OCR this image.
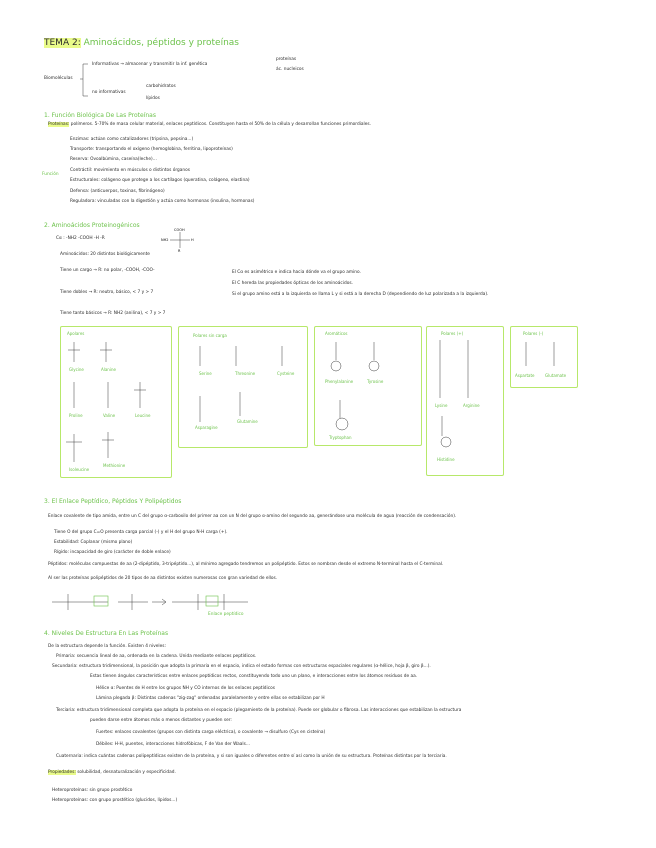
TEMA 2: Aminoácidos, péptidos y proteínas
Biomoléculas
Informativas → almacenar y transmitir la inf. genética
proteínas
ác. nucleicos
no informativas
carbohidratos
lípidos
1. Función Biológica De Las Proteínas
Proteínas: polímeros. 5-70% de masa celular material, enlaces peptídicos. Constituyen hasta el 50% de la célula y desarrollan funciones primordiales.
Función
Enzimas: actúan como catalizadores (tripsina, pepsina...)
Transporte: transportando el oxígeno (hemoglobina, ferritina, lipoproteínas)
Reserva: Ovoalbúmina, caseína(leche)...
Contráctil: movimiento en músculos o distintos órganos
Estructurales: colágeno que protege a los cartílagos (queratina, colágeno, elastina)
Defensa: (anticuerpos, toxinas, fibrinógeno)
Reguladora: vinculadas con la digestión y actúa como hormonas (insulina, hormonas)
2. Aminoácidos Proteinogénicos
Cα : -NH2 -COOH -H -R
COOH
NH2	H
R
Aminoácidos: 20 distintos biológicamente
Tiene un cargo → R: no polar, -COOH, -COO-
Tiene dobles → R: neutro, básico, < 7 y > 7
Tiene tanto básicos → R: NH2 (anilina), < 7 y > 7
El Cα es asimétrico e indica hacia dónde va el grupo amino.
El C hereda las propiedades ópticas de los aminoácidos.
Si el grupo amino está a la izquierda se llama L y si está a la derecha D (dependiendo de luz polarizada a la izquierda).
Apolares
Glycine	Alanine
Proline	Valine	Leucine
Isoleucine
Methionine
Polares sin carga
Serine	Threonine	Cysteine
Asparagine
Glutamine
Aromáticos
Phenylalanine	Tyrosine
Tryptophan
Polares (+)
Lysine	Arginine
Histidine
Polares (-)
Aspartate	Glutamate
3. El Enlace Peptídico, Péptidos Y Polipéptidos
Enlace covalente de tipo amida, entre un C del grupo α-carboxilo del primer aa con un N del grupo α-amino del segundo aa, generándose una molécula de agua (reacción de condensación).
Tiene O del grupo C=O presenta carga parcial (-) y el H del grupo N-H carga (+).
Estabilidad: Coplanar (mismo plano)
Rígido: incapacidad de giro (carácter de doble enlace)
Péptidos: moléculas compuestas de aa (2-dipéptido, 3-tripéptido...), al mínimo agregado tendremos un polipéptido. Estos se nombran desde el extremo N-terminal hasta el C-terminal.
Al ser las proteínas polipéptidos de 20 tipos de aa distintos existen numerosas con gran variedad de ellos.
Enlace peptídico
4. Niveles De Estructura En Las Proteínas
De la estructura depende la función. Existen 4 niveles:
Primaria: secuencia lineal de aa, ordenada en la cadena. Unida mediante enlaces peptídicos.
Secundaria: estructura tridimensional, la posición que adopta la primaria en el espacio, indica el estado formas con estructuras espaciales regulares (α-hélice, hoja β, giro β...).
Estas tienen ángulos característicos entre enlaces peptídicos rectos, constituyendo todo uno un plano, e interacciones entre los átomos residuos de aa.
Hélice α: Puentes de H entre los grupos NH y CO internos de los enlaces peptídicos
Lámina plegada β: Distintas cadenas "zig-zag" ordenadas paralelamente y entre ellas se estabilizan por H
Terciaria: estructura tridimensional completa que adopta la proteína en el espacio (plegamiento de la proteína). Puede ser globular o fibrosa. Las interacciones que estabilizan la estructura
pueden darse entre átomos más o menos distantes y pueden ser:
Fuertes: enlaces covalentes (grupos con distinta carga eléctrica), o covalente → disulfuro (Cys en cisteína)
Débiles: H-H, puentes, interacciones hidrofóbicas, F de Van der Waals...
Cuaternaria: indica cuántas cadenas polipeptídicas existen de la proteína, y si son iguales o diferentes entre sí así como la unión de su estructura. Proteínas distintas por la terciaria.
Propiedades: solubilidad, desnaturalización y especificidad.
Heteroproteínas: sin grupo prostético
Heteroproteínas: con grupo prostético (glucidos, lípidos...)
